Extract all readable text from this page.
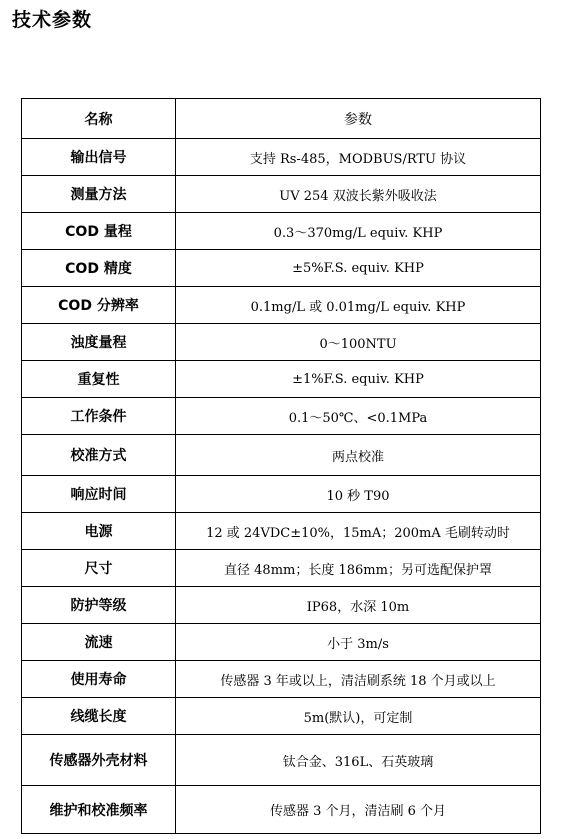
技术参数
名称	参数
输出信号	支持 Rs-485，MODBUS/RTU 协议
测量方法	UV 254 双波长紫外吸收法
COD 量程	0.3～370mg/L equiv. KHP
COD 精度	±5%F.S. equiv. KHP
COD 分辨率	0.1mg/L 或 0.01mg/L equiv. KHP
浊度量程	0～100NTU
重复性	±1%F.S. equiv. KHP
工作条件	0.1～50℃、<0.1MPa
校准方式	两点校准
响应时间	10 秒 T90
电源	12 或 24VDC±10%，15mA；200mA 毛刷转动时
尺寸	直径 48mm；长度 186mm；另可选配保护罩
防护等级	IP68，水深 10m
流速	小于 3m/s
使用寿命	传感器 3 年或以上，清洁刷系统 18 个月或以上
线缆长度	5m(默认)，可定制
传感器外壳材料	钛合金、316L、石英玻璃
维护和校准频率	传感器 3 个月，清洁刷 6 个月
